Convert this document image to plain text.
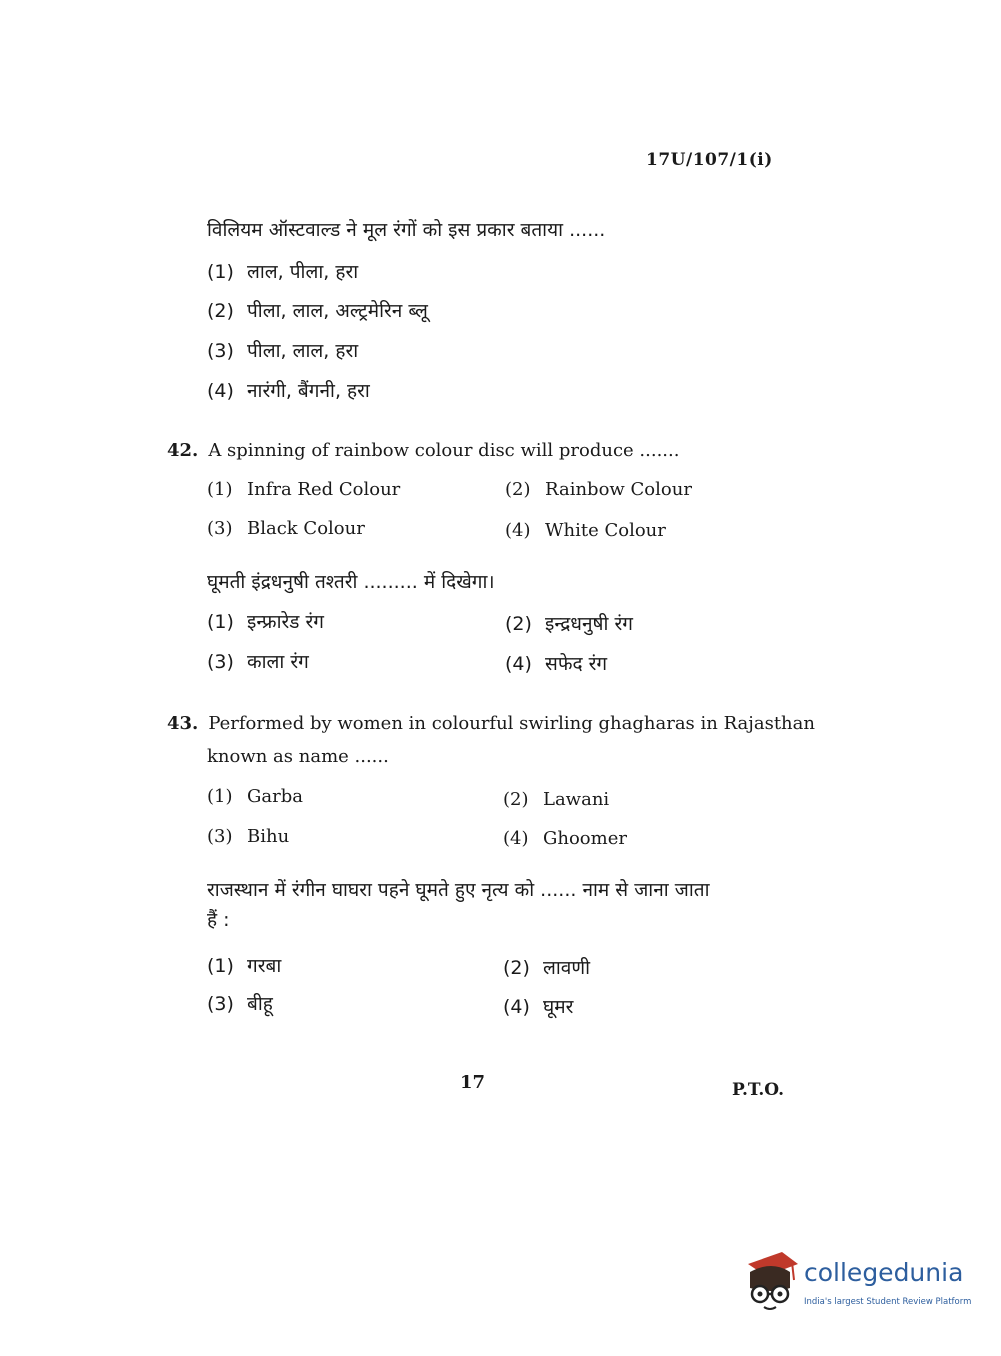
17U/107/1(i)
विलियम ऑस्टवाल्ड ने मूल रंगों को इस प्रकार बताया ......
(1) लाल, पीला, हरा
(2) पीला, लाल, अल्ट्रमेरिन ब्लू
(3) पीला, लाल, हरा
(4) नारंगी, बैंगनी, हरा
42. A spinning of rainbow colour disc will produce .......
(1) Infra Red Colour	(2) Rainbow Colour
(3) Black Colour	(4) White Colour
घूमती इंद्रधनुषी तश्तरी ......... में दिखेगा।
(1) इन्फ्रारेड रंग	(2) इन्द्रधनुषी रंग
(3) काला रंग	(4) सफेद रंग
43. Performed by women in colourful swirling ghagharas in Rajasthan
known as name ......
(1) Garba	(2) Lawani
(3) Bihu	(4) Ghoomer
राजस्थान में रंगीन घाघरा पहने घूमते हुए नृत्य को ...... नाम से जाना जाता
हैं :
(1) गरबा	(2) लावणी
(3) बीहू	(4) घूमर
17	P.T.O.
collegedunia
India's largest Student Review Platform
